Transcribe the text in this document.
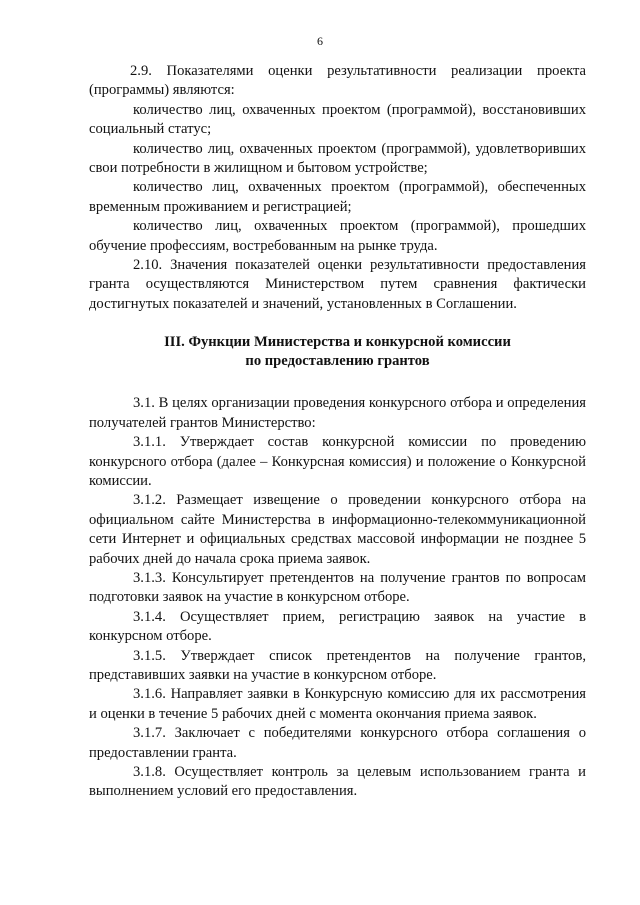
6

2.9. Показателями оценки результативности реализации проекта (программы) являются:

количество лиц, охваченных проектом (программой), восстановивших социальный статус;

количество лиц, охваченных проектом (программой), удовлетворивших свои потребности в жилищном и бытовом устройстве;

количество лиц, охваченных проектом (программой), обеспеченных временным проживанием и регистрацией;

количество лиц, охваченных проектом (программой), прошедших обучение профессиям, востребованным на рынке труда.

2.10. Значения показателей оценки результативности предоставления гранта осуществляются Министерством путем сравнения фактически достигнутых показателей и значений, установленных в Соглашении.

III. Функции Министерства и конкурсной комиссии
по предоставлению грантов

3.1. В целях организации проведения конкурсного отбора и определения получателей грантов Министерство:

3.1.1. Утверждает состав конкурсной комиссии по проведению конкурсного отбора (далее – Конкурсная комиссия) и положение о Конкурсной комиссии.

3.1.2. Размещает извещение о проведении конкурсного отбора на официальном сайте Министерства в информационно-телекоммуникационной сети Интернет и официальных средствах массовой информации не позднее 5 рабочих дней до начала срока приема заявок.

3.1.3. Консультирует претендентов на получение грантов по вопросам подготовки заявок на участие в конкурсном отборе.

3.1.4. Осуществляет прием, регистрацию заявок на участие в конкурсном отборе.

3.1.5. Утверждает список претендентов на получение грантов, представивших заявки на участие в конкурсном отборе.

3.1.6. Направляет заявки в Конкурсную комиссию для их рассмотрения и оценки в течение 5 рабочих дней с момента окончания приема заявок.

3.1.7. Заключает с победителями конкурсного отбора соглашения о предоставлении гранта.

3.1.8. Осуществляет контроль за целевым использованием гранта и выполнением условий его предоставления.
